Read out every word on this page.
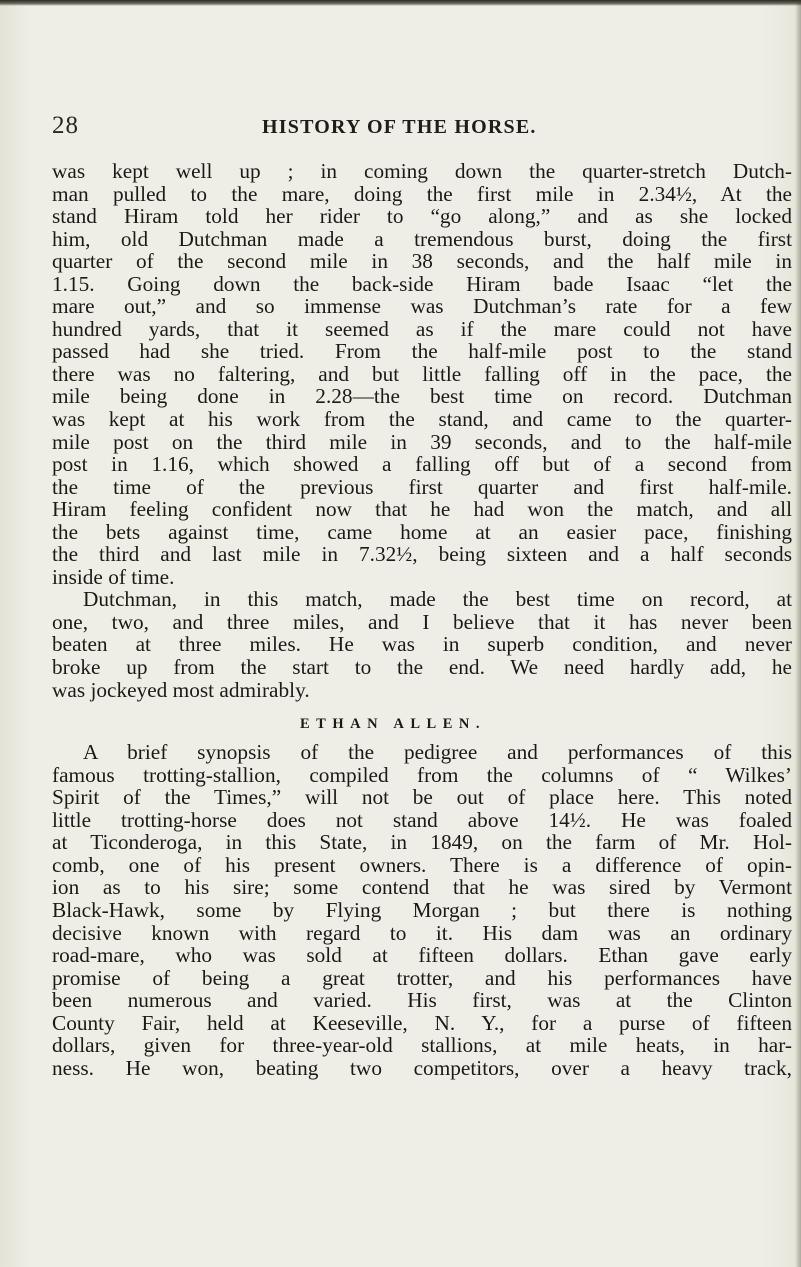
28	HISTORY OF THE HORSE.
was kept well up ; in coming down the quarter-stretch Dutch-
man pulled to the mare, doing the first mile in 2.34½, At the
stand Hiram told her rider to “go along,” and as she locked
him, old Dutchman made a tremendous burst, doing the first
quarter of the second mile in 38 seconds, and the half mile in
1.15. Going down the back-side Hiram bade Isaac “let the
mare out,” and so immense was Dutchman’s rate for a few
hundred yards, that it seemed as if the mare could not have
passed had she tried. From the half-mile post to the stand
there was no faltering, and but little falling off in the pace, the
mile being done in 2.28—the best time on record. Dutchman
was kept at his work from the stand, and came to the quarter-
mile post on the third mile in 39 seconds, and to the half-mile
post in 1.16, which showed a falling off but of a second from
the time of the previous first quarter and first half-mile.
Hiram feeling confident now that he had won the match, and all
the bets against time, came home at an easier pace, finishing
the third and last mile in 7.32½, being sixteen and a half seconds
inside of time.
Dutchman, in this match, made the best time on record, at
one, two, and three miles, and I believe that it has never been
beaten at three miles. He was in superb condition, and never
broke up from the start to the end. We need hardly add, he
was jockeyed most admirably.
ETHAN ALLEN.
A brief synopsis of the pedigree and performances of this
famous trotting-stallion, compiled from the columns of “ Wilkes’
Spirit of the Times,” will not be out of place here. This noted
little trotting-horse does not stand above 14½. He was foaled
at Ticonderoga, in this State, in 1849, on the farm of Mr. Hol-
comb, one of his present owners. There is a difference of opin-
ion as to his sire; some contend that he was sired by Vermont
Black-Hawk, some by Flying Morgan ; but there is nothing
decisive known with regard to it. His dam was an ordinary
road-mare, who was sold at fifteen dollars. Ethan gave early
promise of being a great trotter, and his performances have
been numerous and varied. His first, was at the Clinton
County Fair, held at Keeseville, N. Y., for a purse of fifteen
dollars, given for three-year-old stallions, at mile heats, in har-
ness. He won, beating two competitors, over a heavy track,
